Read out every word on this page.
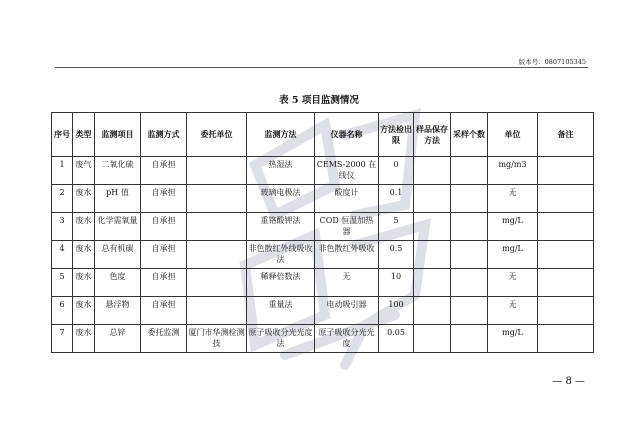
版本号：0807105345
表 5 项目监测情况
序号	类型	监测项目	监测方式	委托单位	监测方法	仪器名称	方法检出限	样品保存方法	采样个数	单位	备注
1	废气	二氧化硫	自承担		热湿法	CEMS-2000 在线仪	0			mg/m3	
2	废水	pH 值	自承担		玻璃电极法	酸度计	0.1			无	
3	废水	化学需氧量	自承担		重铬酸钾法	COD 恒温加热器	5			mg/L	
4	废水	总有机碳	自承担		非色散红外线吸收法	非色散红外吸收	0.5			mg/L	
5	废水	色度	自承担		稀释倍数法	无	10			无	
6	废水	悬浮物	自承担		重量法	电动吸引器	100			无	
7	废水	总锌	委托监测	厦门市华测检测技	原子吸收分光光度法	原子吸收分光光度	0.05			mg/L	
— 8 —
